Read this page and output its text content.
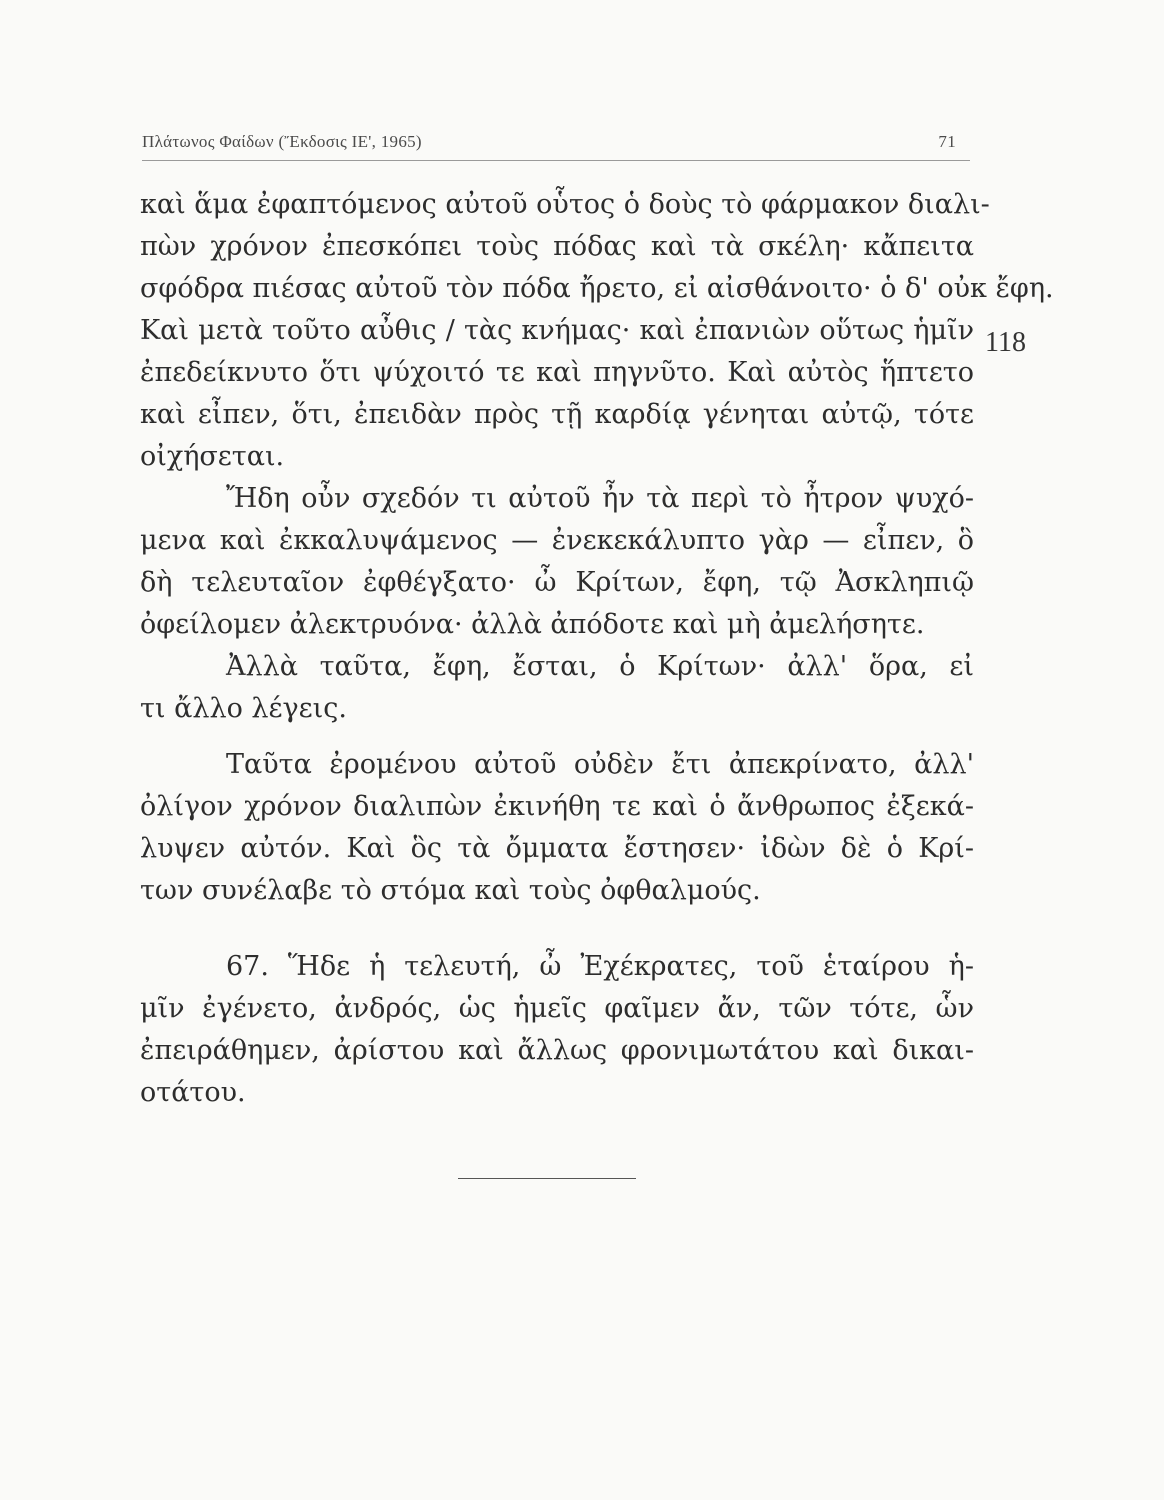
Πλάτωνος Φαίδων (Ἔκδοσις ΙΕ', 1965)	71
118
καὶ ἅμα ἐφαπτόμενος αὐτοῦ οὗτος ὁ δοὺς τὸ φάρμακον διαλι-
πὼν χρόνον ἐπεσκόπει τοὺς πόδας καὶ τὰ σκέλη· κἄπειτα
σφόδρα πιέσας αὐτοῦ τὸν πόδα ἤρετο, εἰ αἰσθάνοιτο· ὁ δ' οὐκ ἔφη.
Καὶ μετὰ τοῦτο αὖθις / τὰς κνήμας· καὶ ἐπανιὼν οὕτως ἡμῖν
ἐπεδείκνυτο ὅτι ψύχοιτό τε καὶ πηγνῦτο. Καὶ αὐτὸς ἥπτετο
καὶ εἶπεν, ὅτι, ἐπειδὰν πρὸς τῇ καρδίᾳ γένηται αὐτῷ, τότε
οἰχήσεται.
Ἤδη οὖν σχεδόν τι αὐτοῦ ἦν τὰ περὶ τὸ ἦτρον ψυχό-
μενα καὶ ἐκκαλυψάμενος — ἐνεκεκάλυπτο γὰρ — εἶπεν, ὃ
δὴ τελευταῖον ἐφθέγξατο· ὦ Κρίτων, ἔφη, τῷ Ἀσκληπιῷ
ὀφείλομεν ἀλεκτρυόνα· ἀλλὰ ἀπόδοτε καὶ μὴ ἀμελήσητε.
Ἀλλὰ ταῦτα, ἔφη, ἔσται, ὁ Κρίτων· ἀλλ' ὅρα, εἰ
τι ἄλλο λέγεις.
Ταῦτα ἐρομένου αὐτοῦ οὐδὲν ἔτι ἀπεκρίνατο, ἀλλ'
ὀλίγον χρόνον διαλιπὼν ἐκινήθη τε καὶ ὁ ἄνθρωπος ἐξεκά-
λυψεν αὐτόν. Καὶ ὃς τὰ ὄμματα ἔστησεν· ἰδὼν δὲ ὁ Κρί-
των συνέλαβε τὸ στόμα καὶ τοὺς ὀφθαλμούς.
67. Ἥδε ἡ τελευτή, ὦ Ἐχέκρατες, τοῦ ἑταίρου ἡ-
μῖν ἐγένετο, ἀνδρός, ὡς ἡμεῖς φαῖμεν ἄν, τῶν τότε, ὧν
ἐπειράθημεν, ἀρίστου καὶ ἄλλως φρονιμωτάτου καὶ δικαι-
οτάτου.
